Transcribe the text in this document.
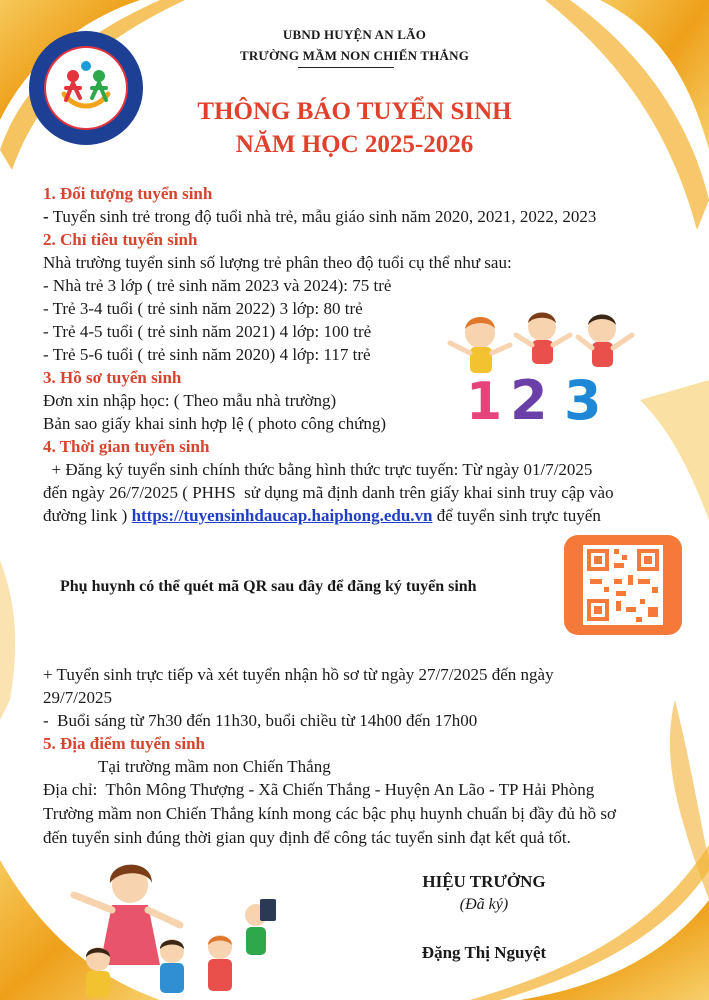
UBND HUYỆN AN LÃO
TRƯỜNG MẦM NON CHIẾN THẮNG
THÔNG BÁO TUYỂN SINH
NĂM HỌC 2025-2026
1. Đối tượng tuyển sinh
- Tuyển sinh trẻ trong độ tuổi nhà trẻ, mẫu giáo sinh năm 2020, 2021, 2022, 2023
2. Chỉ tiêu tuyển sinh
Nhà trường tuyển sinh số lượng trẻ phân theo độ tuổi cụ thể như sau:
- Nhà trẻ 3 lớp ( trẻ sinh năm 2023 và 2024): 75 trẻ
- Trẻ 3-4 tuổi ( trẻ sinh năm 2022) 3 lớp: 80 trẻ
- Trẻ 4-5 tuổi ( trẻ sinh năm 2021) 4 lớp: 100 trẻ
- Trẻ 5-6 tuổi ( trẻ sinh năm 2020) 4 lớp: 117 trẻ
1 2 3
3. Hồ sơ tuyển sinh
Đơn xin nhập học: ( Theo mẫu nhà trường)
Bản sao giấy khai sinh hợp lệ ( photo công chứng)
4. Thời gian tuyển sinh
+ Đăng ký tuyển sinh chính thức bằng hình thức trực tuyến: Từ ngày 01/7/2025
đến ngày 26/7/2025 ( PHHS  sử dụng mã định danh trên giấy khai sinh truy cập vào
đường link ) https://tuyensinhdaucap.haiphong.edu.vn để tuyển sinh trực tuyến
Phụ huynh có thể quét mã QR sau đây để đăng ký tuyển sinh
+ Tuyển sinh trực tiếp và xét tuyển nhận hồ sơ từ ngày 27/7/2025 đến ngày
29/7/2025
-  Buổi sáng từ 7h30 đến 11h30, buổi chiều từ 14h00 đến 17h00
5. Địa điểm tuyển sinh
Tại trường mầm non Chiến Thắng
Địa chỉ:  Thôn Mông Thượng - Xã Chiến Thắng - Huyện An Lão - TP Hải Phòng
Trường mầm non Chiến Thắng kính mong các bậc phụ huynh chuẩn bị đầy đủ hồ sơ
đến tuyển sinh đúng thời gian quy định để công tác tuyển sinh đạt kết quả tốt.
HIỆU TRƯỞNG
(Đã ký)
Đặng Thị Nguyệt
